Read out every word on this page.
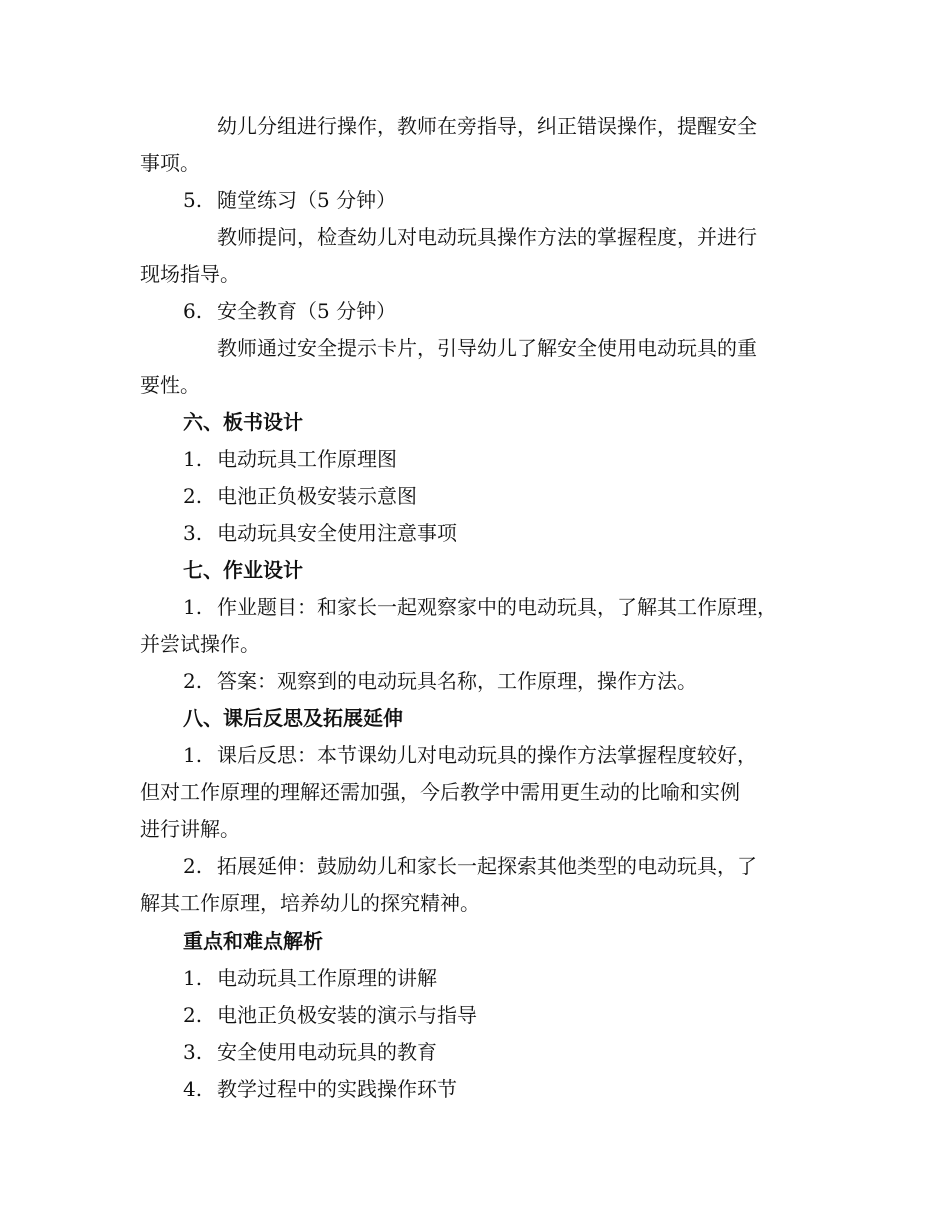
幼儿分组进行操作，教师在旁指导，纠正错误操作，提醒安全
事项。
5. 随堂练习（5 分钟）
教师提问，检查幼儿对电动玩具操作方法的掌握程度，并进行
现场指导。
6. 安全教育（5 分钟）
教师通过安全提示卡片，引导幼儿了解安全使用电动玩具的重
要性。
六、板书设计
1. 电动玩具工作原理图
2. 电池正负极安装示意图
3. 电动玩具安全使用注意事项
七、作业设计
1. 作业题目：和家长一起观察家中的电动玩具，了解其工作原理，
并尝试操作。
2. 答案：观察到的电动玩具名称，工作原理，操作方法。
八、课后反思及拓展延伸
1. 课后反思：本节课幼儿对电动玩具的操作方法掌握程度较好，
但对工作原理的理解还需加强，今后教学中需用更生动的比喻和实例
进行讲解。
2. 拓展延伸：鼓励幼儿和家长一起探索其他类型的电动玩具，了
解其工作原理，培养幼儿的探究精神。
重点和难点解析
1. 电动玩具工作原理的讲解
2. 电池正负极安装的演示与指导
3. 安全使用电动玩具的教育
4. 教学过程中的实践操作环节
